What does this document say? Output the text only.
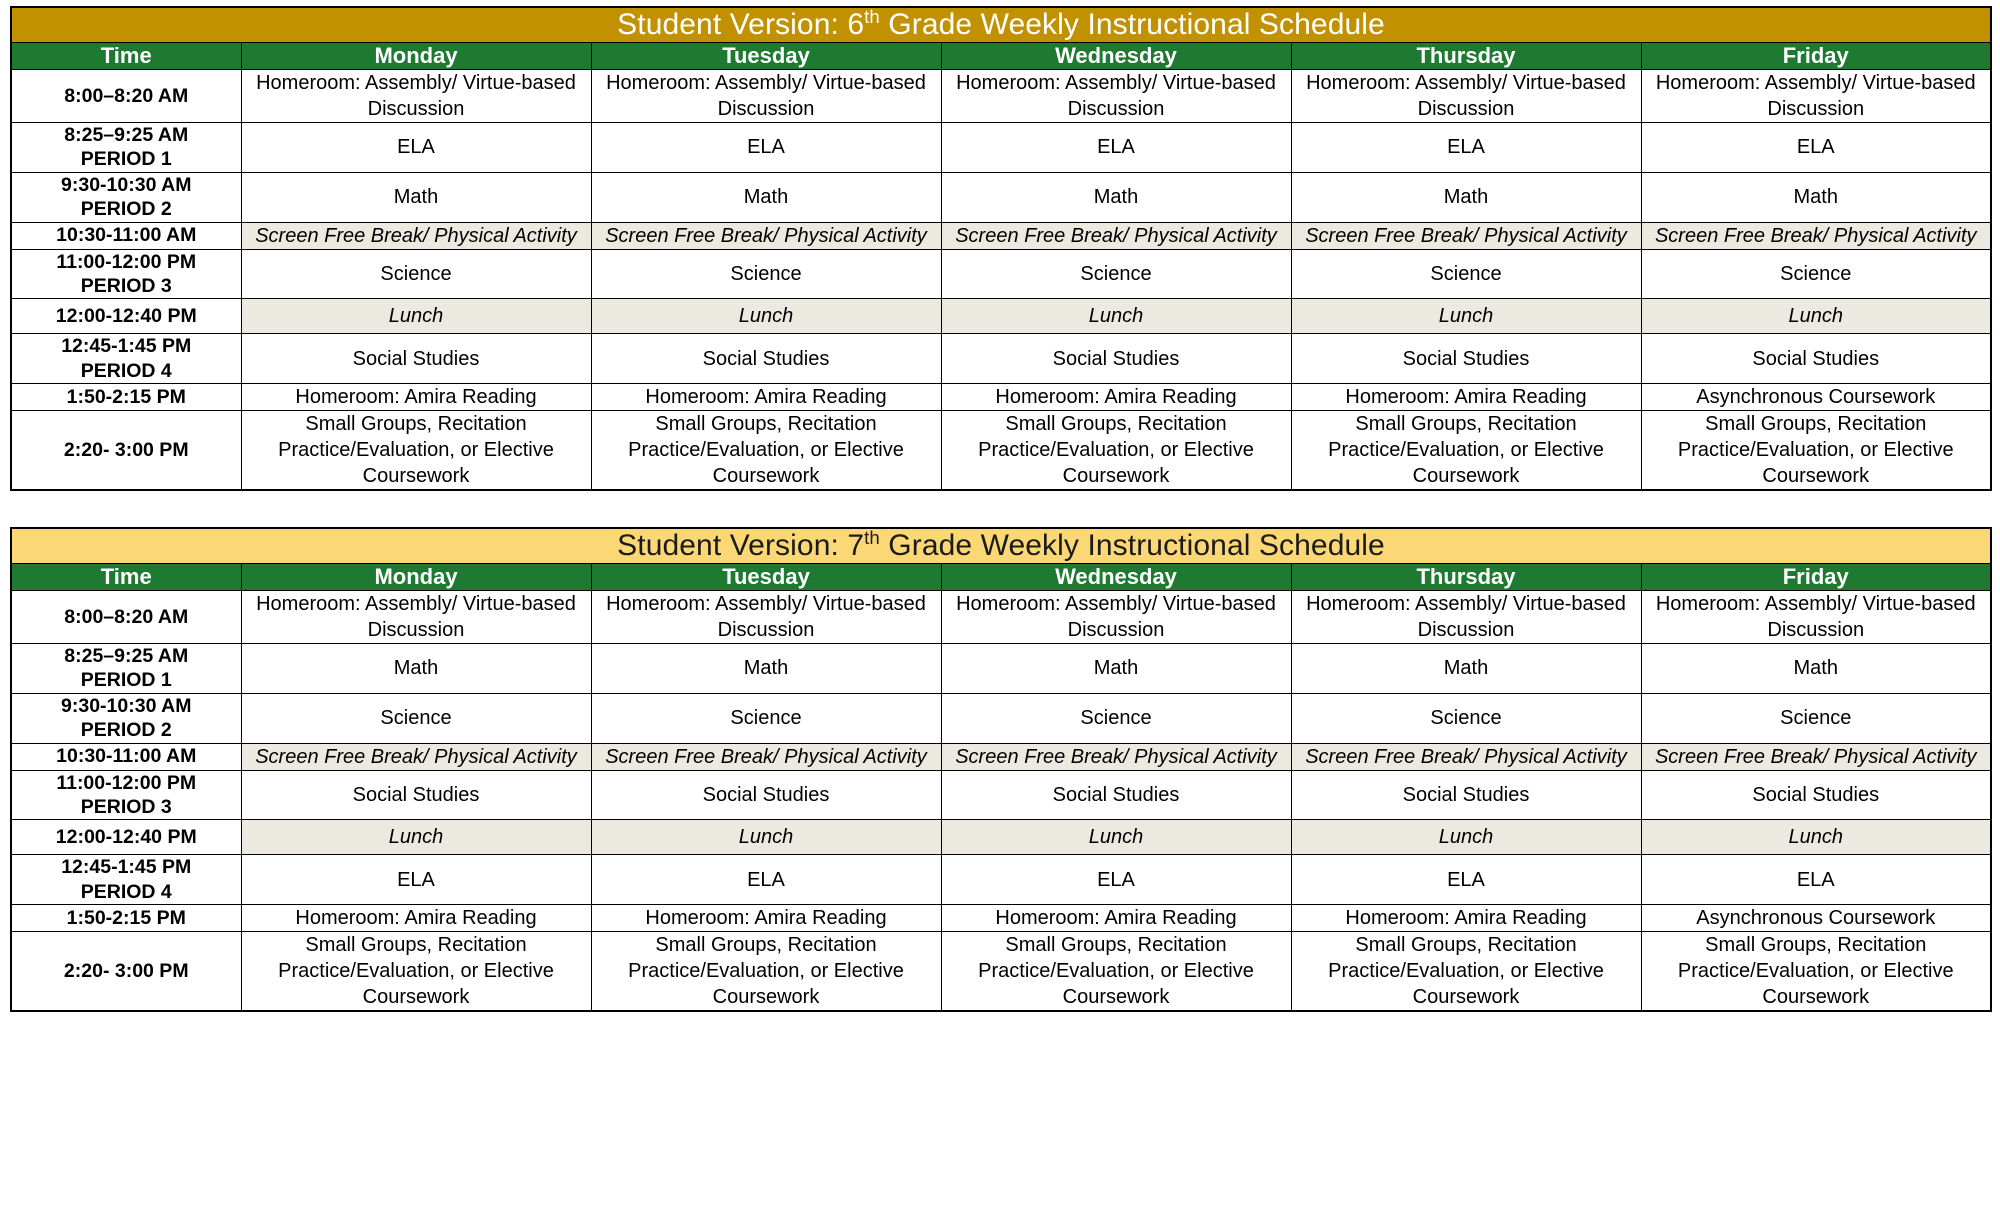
Student Version: 6th Grade Weekly Instructional Schedule					
Time	Monday	Tuesday	Wednesday	Thursday	Friday

8:00–8:20 AM	Homeroom: Assembly/ Virtue-based Discussion	Homeroom: Assembly/ Virtue-based Discussion	Homeroom: Assembly/ Virtue-based Discussion	Homeroom: Assembly/ Virtue-based Discussion	Homeroom: Assembly/ Virtue-based Discussion

8:25–9:25 AM
PERIOD 1	ELA	ELA	ELA	ELA	ELA

9:30-10:30 AM
PERIOD 2	Math	Math	Math	Math	Math

10:30-11:00 AM	Screen Free Break/ Physical Activity	Screen Free Break/ Physical Activity	Screen Free Break/ Physical Activity	Screen Free Break/ Physical Activity	Screen Free Break/ Physical Activity

11:00-12:00 PM
PERIOD 3	Science	Science	Science	Science	Science

12:00-12:40 PM	Lunch	Lunch	Lunch	Lunch	Lunch

12:45-1:45 PM
PERIOD 4	Social Studies	Social Studies	Social Studies	Social Studies	Social Studies

1:50-2:15 PM	Homeroom: Amira Reading	Homeroom: Amira Reading	Homeroom: Amira Reading	Homeroom: Amira Reading	Asynchronous Coursework

2:20- 3:00 PM	Small Groups, Recitation Practice/Evaluation, or Elective Coursework	Small Groups, Recitation Practice/Evaluation, or Elective Coursework	Small Groups, Recitation Practice/Evaluation, or Elective Coursework	Small Groups, Recitation Practice/Evaluation, or Elective Coursework	Small Groups, Recitation Practice/Evaluation, or Elective Coursework
Student Version: 7th Grade Weekly Instructional Schedule					
Time	Monday	Tuesday	Wednesday	Thursday	Friday

8:00–8:20 AM	Homeroom: Assembly/ Virtue-based Discussion	Homeroom: Assembly/ Virtue-based Discussion	Homeroom: Assembly/ Virtue-based Discussion	Homeroom: Assembly/ Virtue-based Discussion	Homeroom: Assembly/ Virtue-based Discussion

8:25–9:25 AM
PERIOD 1	Math	Math	Math	Math	Math

9:30-10:30 AM
PERIOD 2	Science	Science	Science	Science	Science

10:30-11:00 AM	Screen Free Break/ Physical Activity	Screen Free Break/ Physical Activity	Screen Free Break/ Physical Activity	Screen Free Break/ Physical Activity	Screen Free Break/ Physical Activity

11:00-12:00 PM
PERIOD 3	Social Studies	Social Studies	Social Studies	Social Studies	Social Studies

12:00-12:40 PM	Lunch	Lunch	Lunch	Lunch	Lunch

12:45-1:45 PM
PERIOD 4	ELA	ELA	ELA	ELA	ELA

1:50-2:15 PM	Homeroom: Amira Reading	Homeroom: Amira Reading	Homeroom: Amira Reading	Homeroom: Amira Reading	Asynchronous Coursework

2:20- 3:00 PM	Small Groups, Recitation Practice/Evaluation, or Elective Coursework	Small Groups, Recitation Practice/Evaluation, or Elective Coursework	Small Groups, Recitation Practice/Evaluation, or Elective Coursework	Small Groups, Recitation Practice/Evaluation, or Elective Coursework	Small Groups, Recitation Practice/Evaluation, or Elective Coursework
